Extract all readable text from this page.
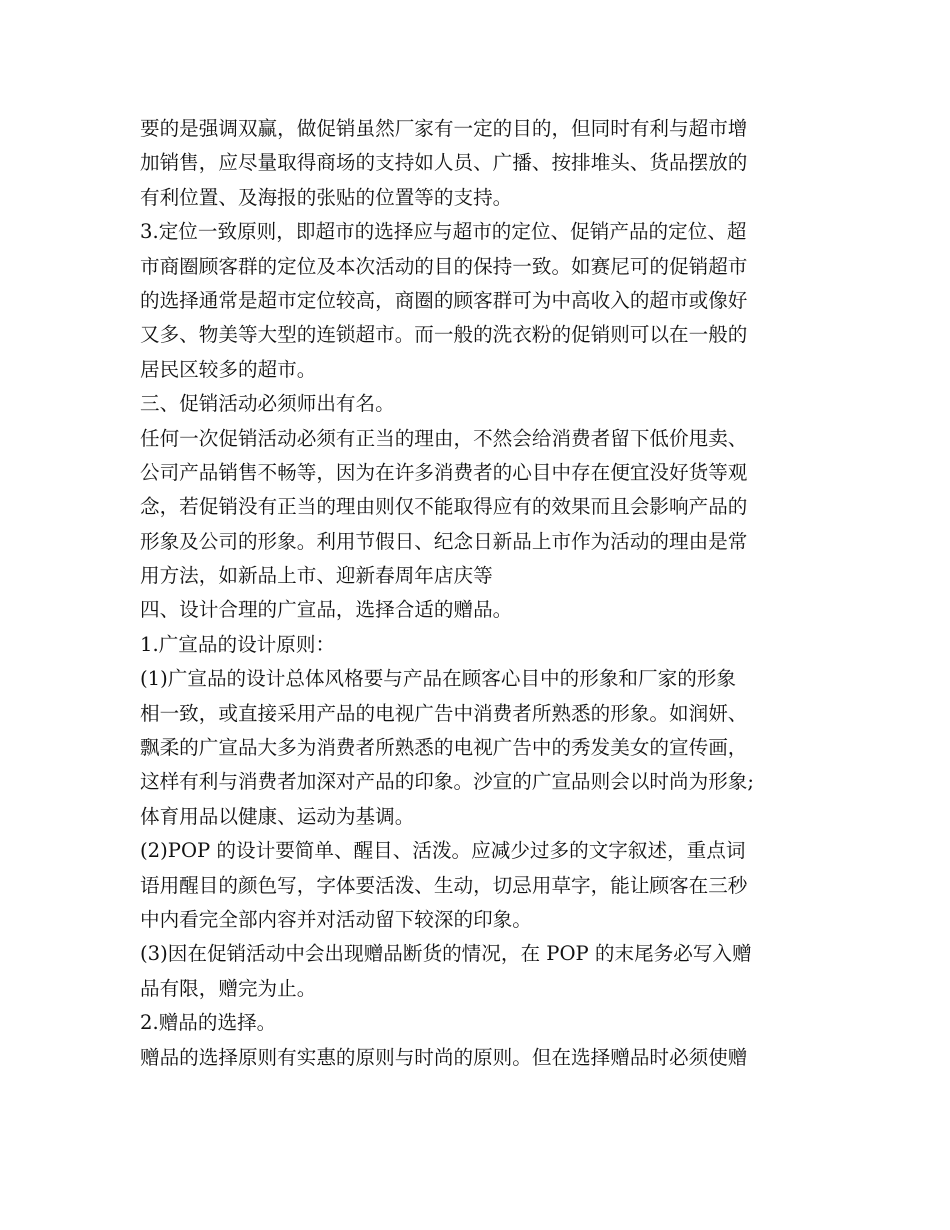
要的是强调双赢，做促销虽然厂家有一定的目的，但同时有利与超市增
加销售，应尽量取得商场的支持如人员、广播、按排堆头、货品摆放的
有利位置、及海报的张贴的位置等的支持。
3.定位一致原则，即超市的选择应与超市的定位、促销产品的定位、超
市商圈顾客群的定位及本次活动的目的保持一致。如赛尼可的促销超市
的选择通常是超市定位较高，商圈的顾客群可为中高收入的超市或像好
又多、物美等大型的连锁超市。而一般的洗衣粉的促销则可以在一般的
居民区较多的超市。
三、促销活动必须师出有名。
任何一次促销活动必须有正当的理由，不然会给消费者留下低价甩卖、
公司产品销售不畅等，因为在许多消费者的心目中存在便宜没好货等观
念，若促销没有正当的理由则仅不能取得应有的效果而且会影响产品的
形象及公司的形象。利用节假日、纪念日新品上市作为活动的理由是常
用方法，如新品上市、迎新春周年店庆等
四、设计合理的广宣品，选择合适的赠品。
1.广宣品的设计原则：
(1)广宣品的设计总体风格要与产品在顾客心目中的形象和厂家的形象
相一致，或直接采用产品的电视广告中消费者所熟悉的形象。如润妍、
飘柔的广宣品大多为消费者所熟悉的电视广告中的秀发美女的宣传画，
这样有利与消费者加深对产品的印象。沙宣的广宣品则会以时尚为形象;
体育用品以健康、运动为基调。
(2)POP 的设计要简单、醒目、活泼。应减少过多的文字叙述，重点词
语用醒目的颜色写，字体要活泼、生动，切忌用草字，能让顾客在三秒
中内看完全部内容并对活动留下较深的印象。
(3)因在促销活动中会出现赠品断货的情况，在 POP 的末尾务必写入赠
品有限，赠完为止。
2.赠品的选择。
赠品的选择原则有实惠的原则与时尚的原则。但在选择赠品时必须使赠
